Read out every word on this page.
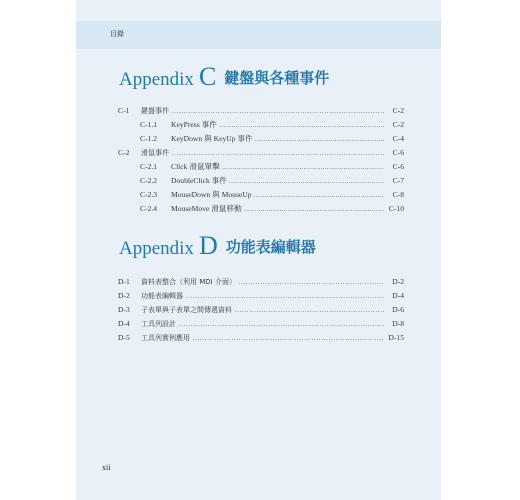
目錄
Appendix C 鍵盤與各種事件
C-1 鍵盤事件 .....	C-2
C-1.1 KeyPress 事件 .....	C-2
C-1.2 KeyDown 與 KeyUp 事件 .....	C-4
C-2 滑鼠事件 .....	C-6
C-2.1 Click 滑鼠單擊 .....	C-6
C-2.2 DoubleClick 事件 .....	C-7
C-2.3 MouseDown 與 MouseUp .....	C-8
C-2.4 MouseMove 滑鼠移動 .....	C-10
Appendix D 功能表編輯器
D-1 資料表整合（利用 MDI 介面） .....	D-2
D-2 功能表編輯器 .....	D-4
D-3 子表單與子表單之間傳遞資料 .....	D-6
D-4 工具列設計 .....	D-8
D-5 工具列實例應用 .....	D-15
xii
